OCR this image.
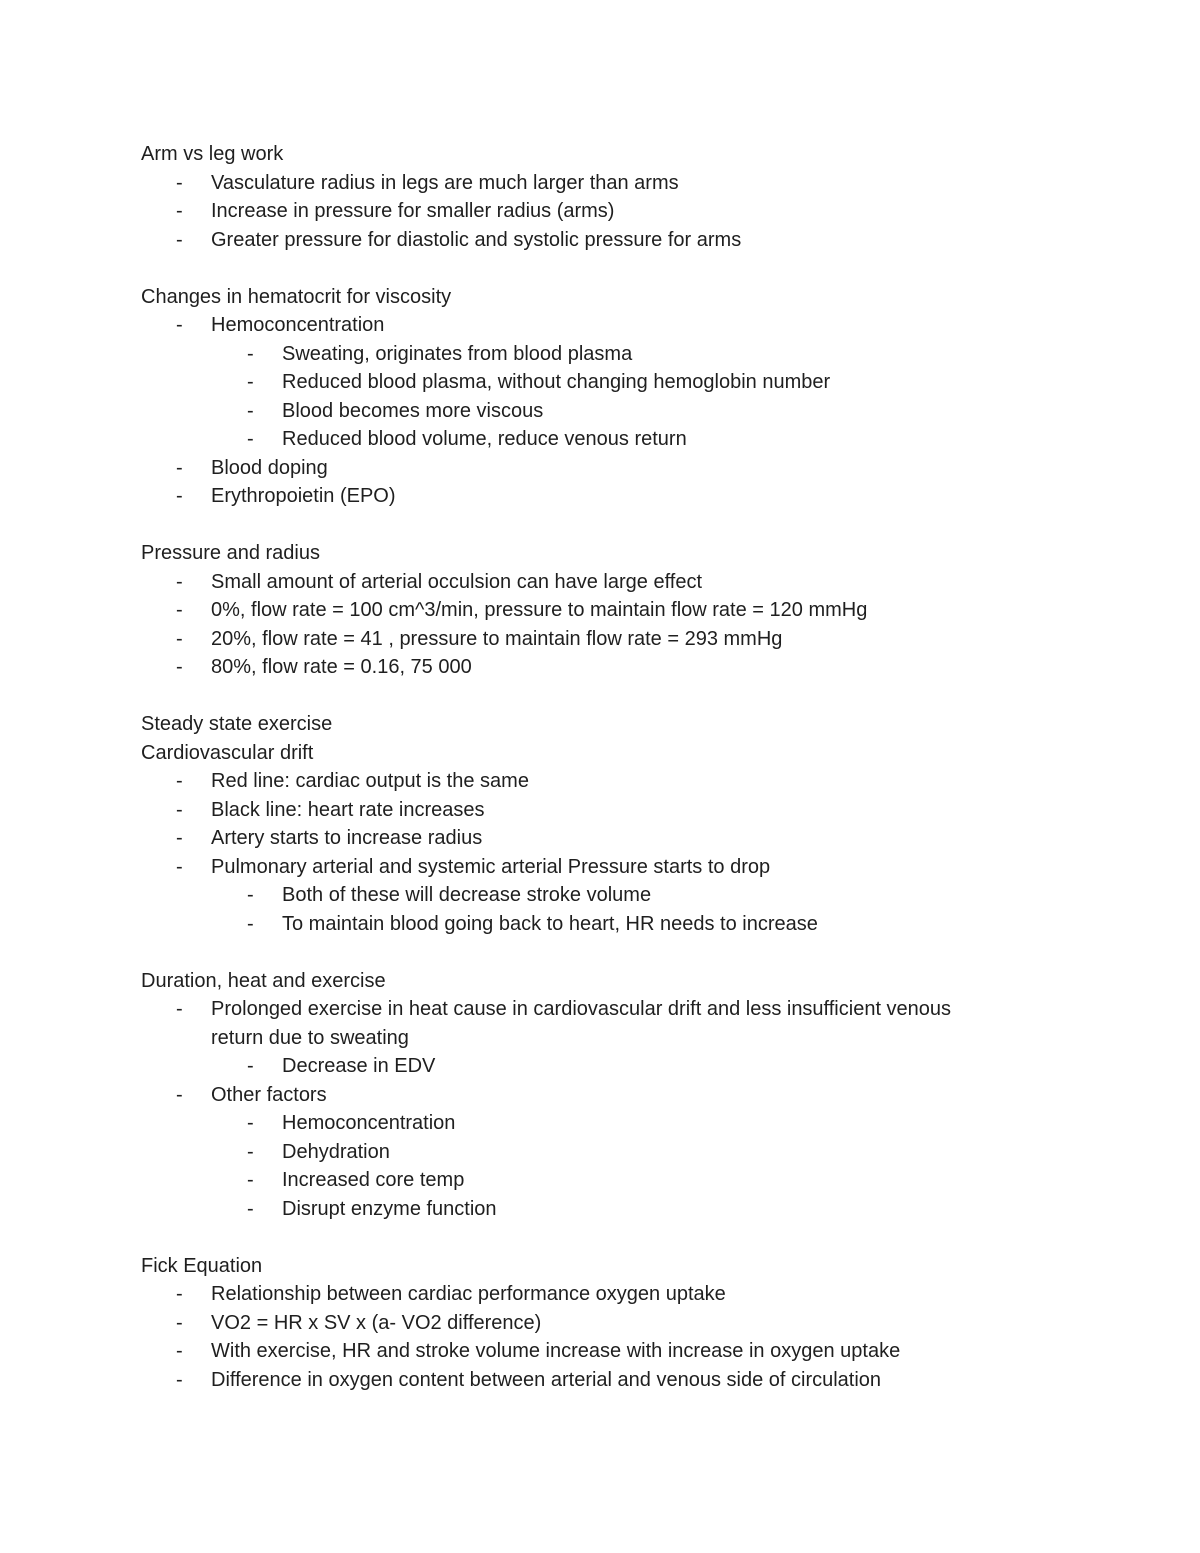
Arm vs leg work
- Vasculature radius in legs are much larger than arms
- Increase in pressure for smaller radius (arms)
- Greater pressure for diastolic and systolic pressure for arms
Changes in hematocrit for viscosity
- Hemoconcentration
- Sweating, originates from blood plasma
- Reduced blood plasma, without changing hemoglobin number
- Blood becomes more viscous
- Reduced blood volume, reduce venous return
- Blood doping
- Erythropoietin (EPO)
Pressure and radius
- Small amount of arterial occulsion can have large effect
- 0%, flow rate = 100 cm^3/min, pressure to maintain flow rate = 120 mmHg
- 20%, flow rate = 41 , pressure to maintain flow rate = 293 mmHg
- 80%, flow rate = 0.16, 75 000
Steady state exercise
Cardiovascular drift
- Red line: cardiac output is the same
- Black line: heart rate increases
- Artery starts to increase radius
- Pulmonary arterial and systemic arterial Pressure starts to drop
- Both of these will decrease stroke volume
- To maintain blood going back to heart, HR needs to increase
Duration, heat and exercise
- Prolonged exercise in heat cause in cardiovascular drift and less insufficient venous
return due to sweating
- Decrease in EDV
- Other factors
- Hemoconcentration
- Dehydration
- Increased core temp
- Disrupt enzyme function
Fick Equation
- Relationship between cardiac performance oxygen uptake
- VO2 = HR x SV x (a- VO2 difference)
- With exercise, HR and stroke volume increase with increase in oxygen uptake
- Difference in oxygen content between arterial and venous side of circulation
